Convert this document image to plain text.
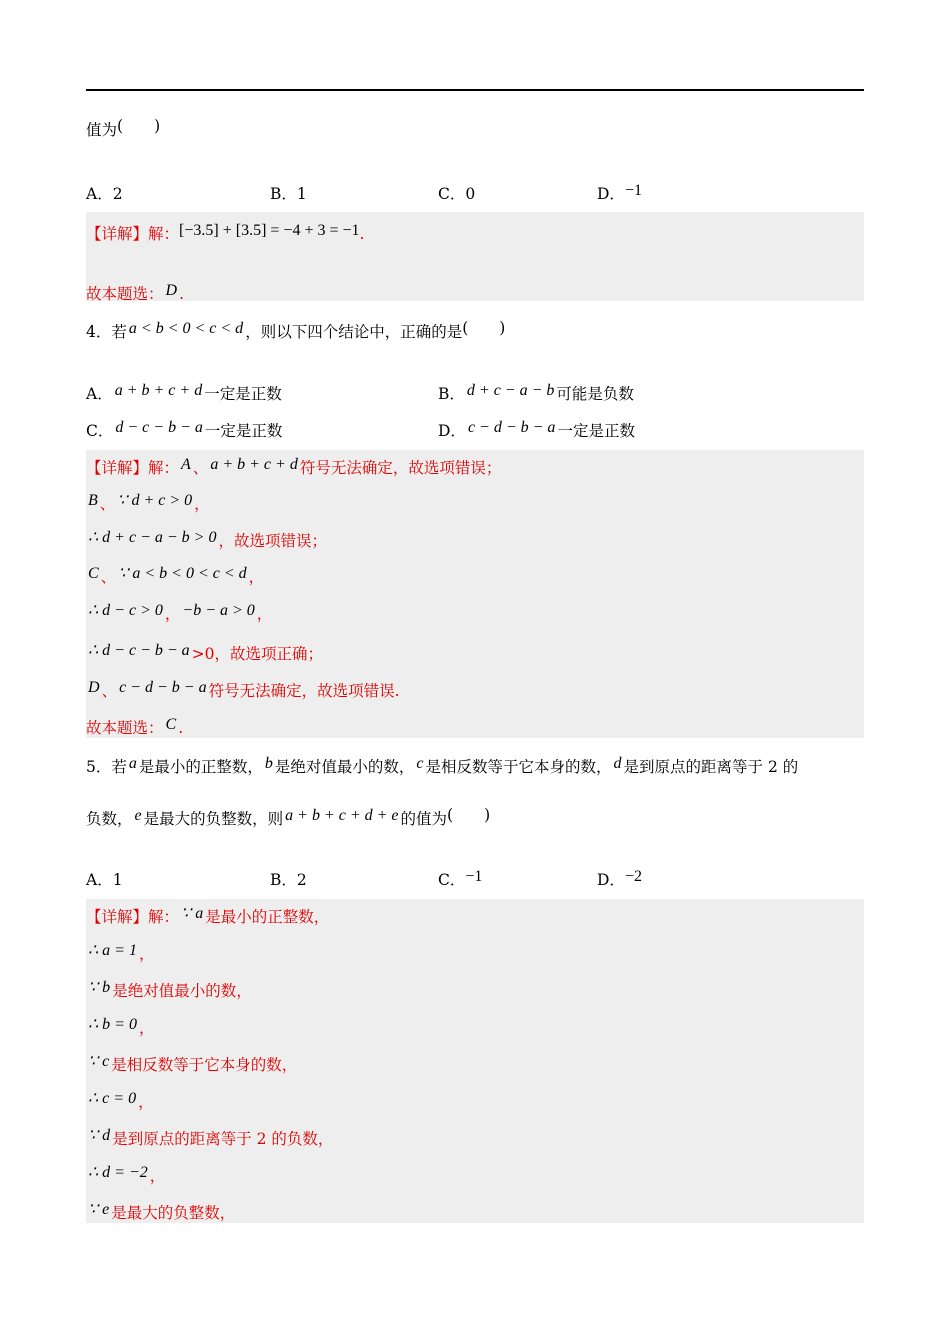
值为(  )
A．2	B．1	C．0	D．−1
【详解】解：[−3.5] + [3.5] = −4 + 3 = −1.
故本题选： D .
4．若 a < b < 0 < c < d ，则以下四个结论中，正确的是(  )
A． a + b + c + d 一定是正数	B． d + c − a − b 可能是负数
C． d − c − b − a 一定是正数	D． c − d − b − a 一定是正数
【详解】解： A 、 a + b + c + d 符号无法确定，故选项错误；
B 、 ∵ d + c > 0 ，
∴ d + c − a − b > 0 ，故选项错误；
C 、 ∵ a < b < 0 < c < d ，
∴ d − c > 0 ， −b − a > 0 ，
∴ d − c − b − a >0，故选项正确；
D 、 c − d − b − a 符号无法确定，故选项错误.
故本题选： C .
5．若 a 是最小的正整数， b 是绝对值最小的数， c 是相反数等于它本身的数， d 是到原点的距离等于 2 的
负数， e 是最大的负整数，则 a + b + c + d + e 的值为(  )
A．1	B．2	C．−1	D．−2
【详解】解： ∵ a 是最小的正整数，
∴ a = 1 ，
∵ b 是绝对值最小的数，
∴ b = 0 ，
∵ c 是相反数等于它本身的数，
∴ c = 0 ，
∵ d 是到原点的距离等于 2 的负数，
∴ d = −2 ，
∵ e 是最大的负整数，
